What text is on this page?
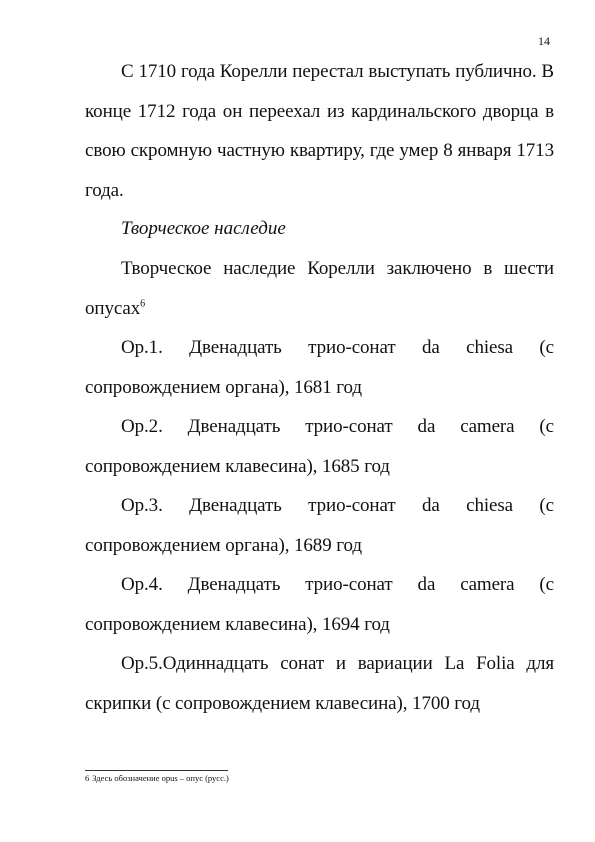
14

С 1710 года Корелли перестал выступать публично. В конце 1712 года он переехал из кардинальского дворца в свою скромную частную квартиру, где умер 8 января 1713 года.

Творческое наследие

Творческое наследие Корелли заключено в шести опусах$^6$

Op.1. Двенадцать трио-сонат da chiesa (с сопровождением органа), 1681 год

Op.2. Двенадцать трио-сонат da camera (с сопровождением клавесина), 1685 год

Op.3. Двенадцать трио-сонат da chiesa (с сопровождением органа), 1689 год

Op.4. Двенадцать трио-сонат da camera (с сопровождением клавесина), 1694 год

Op.5.Одиннадцать сонат и вариации La Folia для скрипки (с сопровождением клавесина), 1700 год

6 Здесь обозначение opus – опус (русс.)
